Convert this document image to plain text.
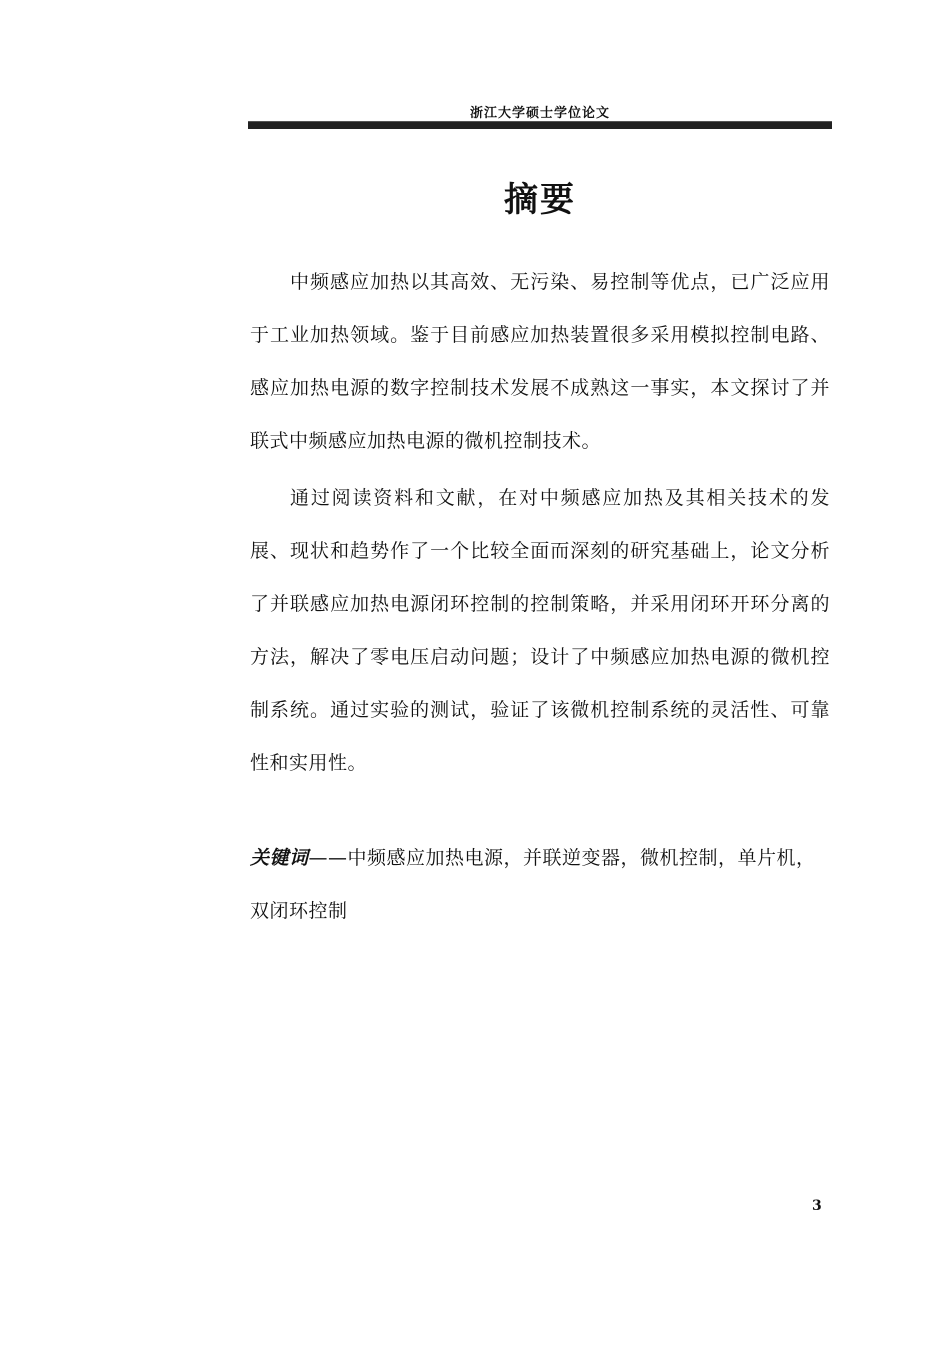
浙江大学硕士学位论文
摘要

中频感应加热以其高效、无污染、易控制等优点，已广泛应用于工业加热领域。鉴于目前感应加热装置很多采用模拟控制电路、感应加热电源的数字控制技术发展不成熟这一事实，本文探讨了并联式中频感应加热电源的微机控制技术。

通过阅读资料和文献，在对中频感应加热及其相关技术的发展、现状和趋势作了一个比较全面而深刻的研究基础上，论文分析了并联感应加热电源闭环控制的控制策略，并采用闭环开环分离的方法，解决了零电压启动问题；设计了中频感应加热电源的微机控制系统。通过实验的测试，验证了该微机控制系统的灵活性、可靠性和实用性。

关键词——中频感应加热电源，并联逆变器，微机控制，单片机，双闭环控制
3
